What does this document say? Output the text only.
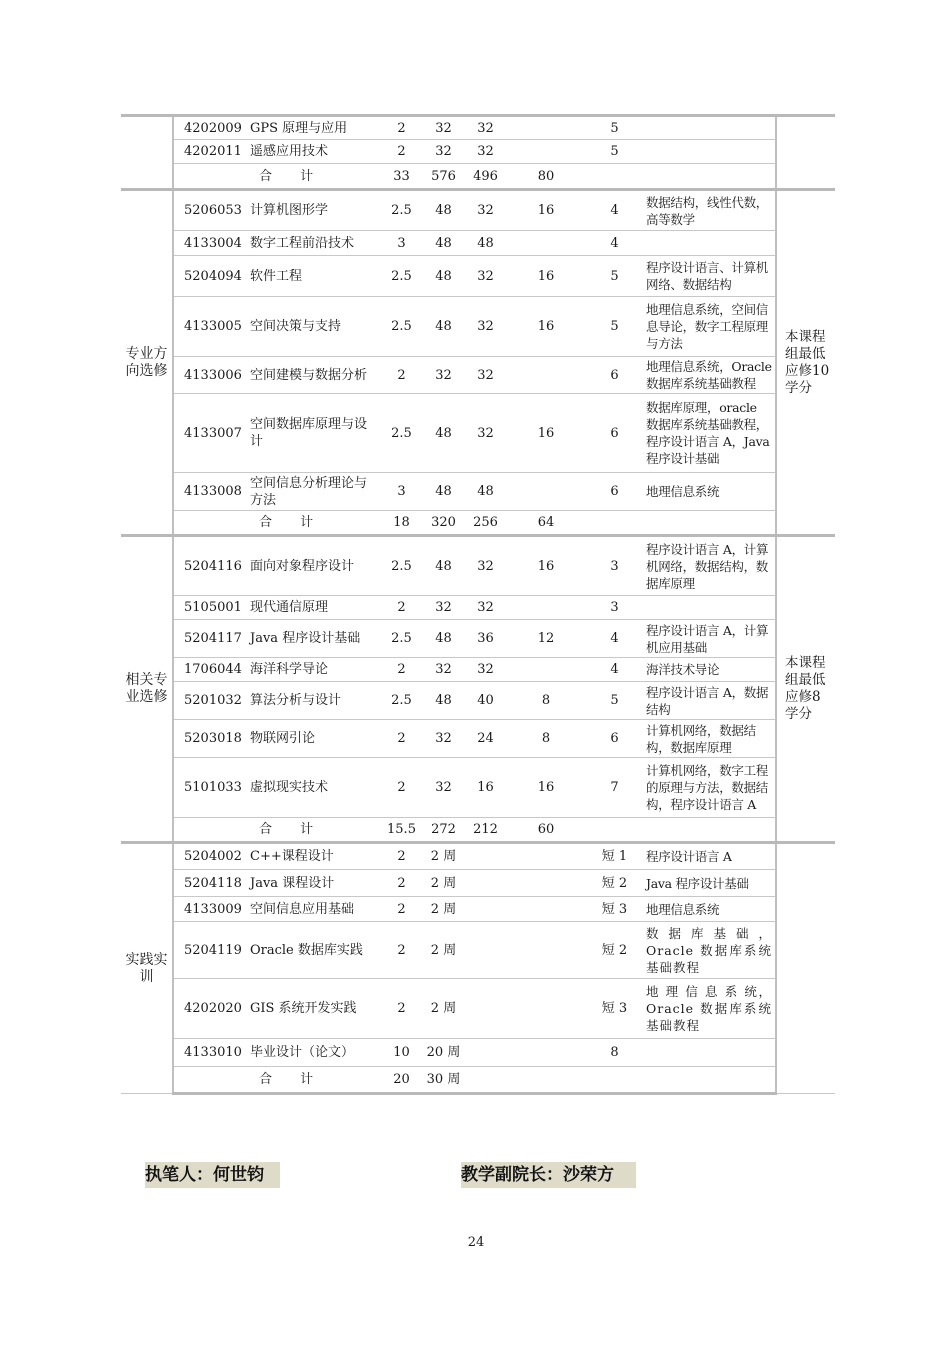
	4202009	GPS 原理与应用	2	32	32		5		
	4202011	遥感应用技术	2	32	32		5		
		合 计	33	576	496	80			
专业方向选修	5206053	计算机图形学	2.5	48	32	16	4	数据结构，线性代数，高等数学	本课程组最低应修10学分
	4133004	数字工程前沿技术	3	48	48		4		
	5204094	软件工程	2.5	48	32	16	5	程序设计语言、计算机网络、数据结构	
	4133005	空间决策与支持	2.5	48	32	16	5	地理信息系统，空间信息导论，数字工程原理与方法	
	4133006	空间建模与数据分析	2	32	32		6	地理信息系统，Oracle 数据库系统基础教程	
	4133007	空间数据库原理与设计	2.5	48	32	16	6	数据库原理，oracle 数据库系统基础教程，程序设计语言 A，Java 程序设计基础	
	4133008	空间信息分析理论与方法	3	48	48		6	地理信息系统	
		合 计	18	320	256	64			
相关专业选修	5204116	面向对象程序设计	2.5	48	32	16	3	程序设计语言 A，计算机网络，数据结构，数据库原理	本课程组最低应修8学分
	5105001	现代通信原理	2	32	32		3		
	5204117	Java 程序设计基础	2.5	48	36	12	4	程序设计语言 A，计算机应用基础	
	1706044	海洋科学导论	2	32	32		4	海洋技术导论	
	5201032	算法分析与设计	2.5	48	40	8	5	程序设计语言 A，数据结构	
	5203018	物联网引论	2	32	24	8	6	计算机网络，数据结构，数据库原理	
	5101033	虚拟现实技术	2	32	16	16	7	计算机网络，数字工程的原理与方法，数据结构，程序设计语言 A	
		合 计	15.5	272	212	60			
实践实训	5204002	C++课程设计	2	2 周			短 1	程序设计语言 A	
	5204118	Java 课程设计	2	2 周			短 2	Java 程序设计基础	
	4133009	空间信息应用基础	2	2 周			短 3	地理信息系统	
	5204119	Oracle 数据库实践	2	2 周			短 2	数 据 库 基 础 ， Oracle 数据库系统基础教程	
	4202020	GIS 系统开发实践	2	2 周			短 3	地 理 信 息 系 统， Oracle 数据库系统基础教程	
	4133010	毕业设计（论文）	10	20 周			8		
		合 计	20	30 周					
执笔人：何世钧	教学副院长：沙荣方
24
